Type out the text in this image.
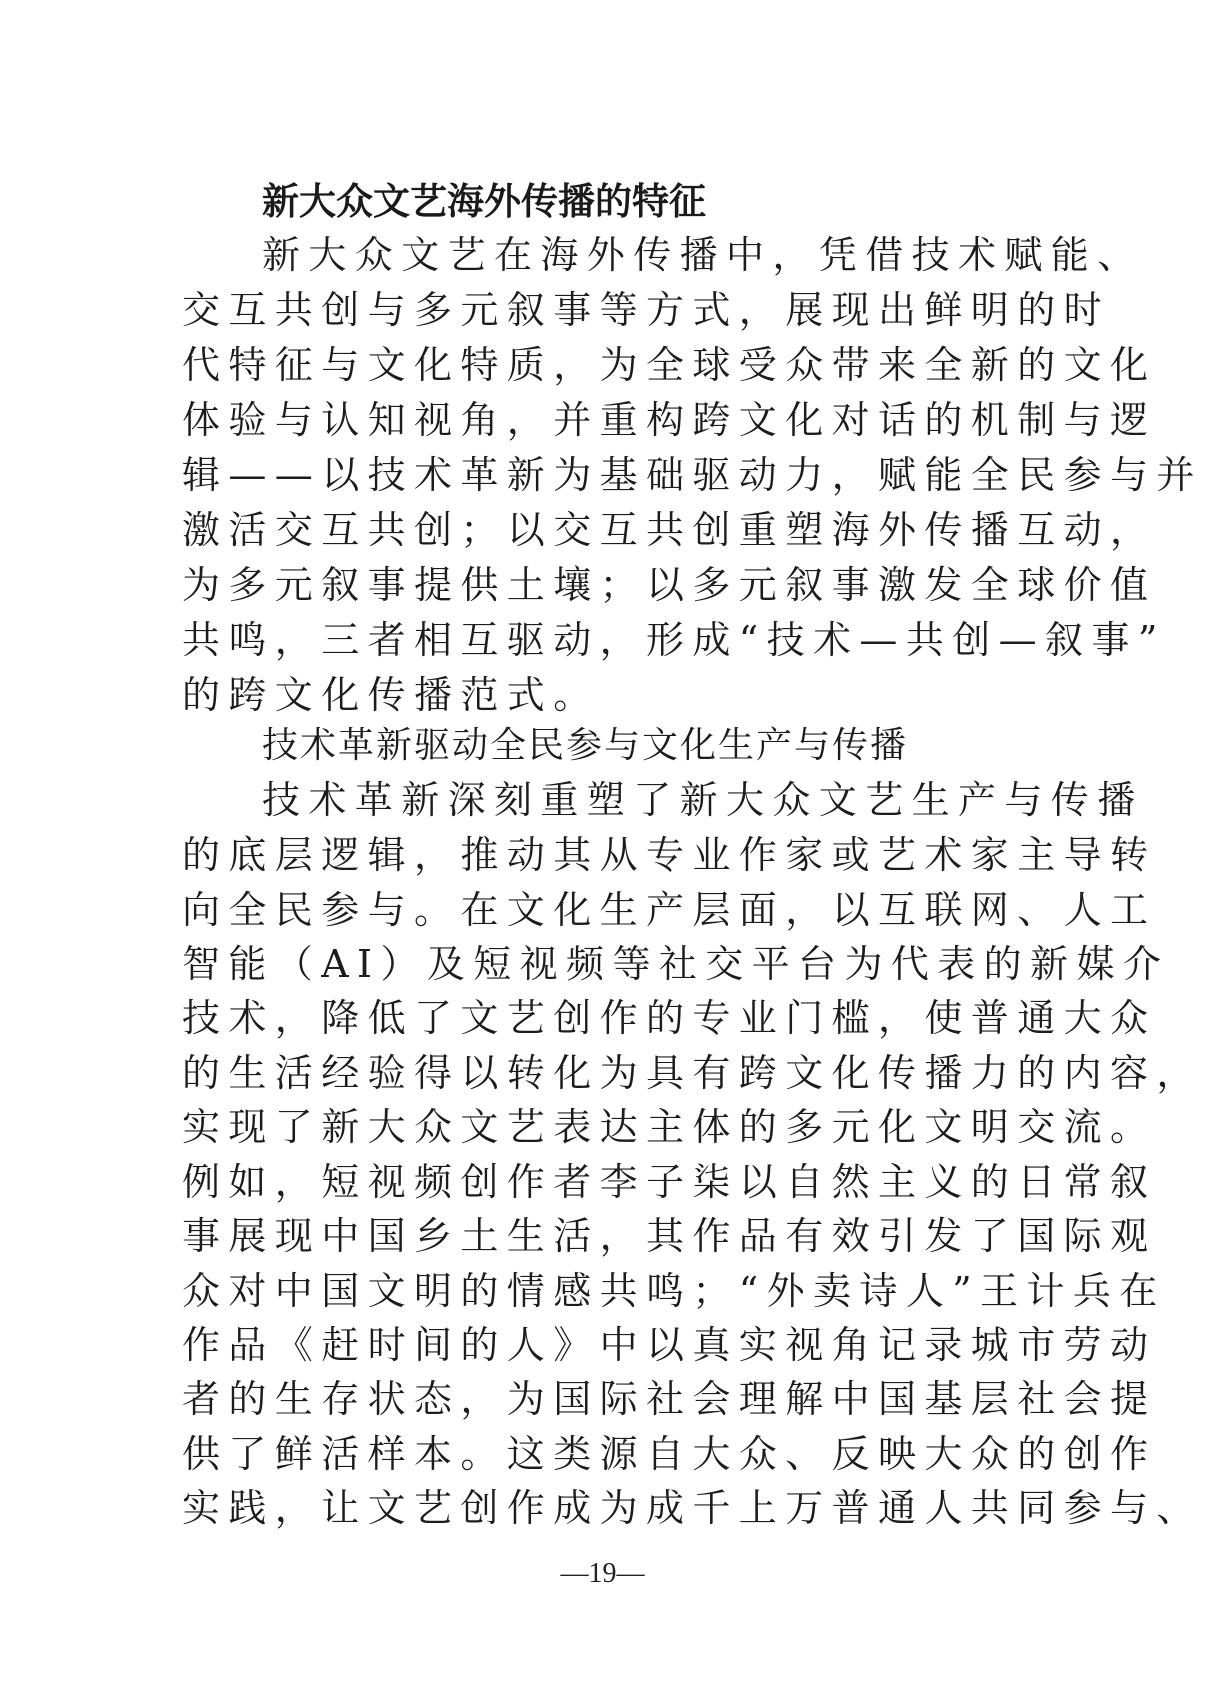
新大众文艺海外传播的特征
新大众文艺在海外传播中，凭借技术赋能、
交互共创与多元叙事等方式，展现出鲜明的时
代特征与文化特质，为全球受众带来全新的文化
体验与认知视角，并重构跨文化对话的机制与逻
辑——以技术革新为基础驱动力，赋能全民参与并
激活交互共创；以交互共创重塑海外传播互动，
为多元叙事提供土壤；以多元叙事激发全球价值
共鸣，三者相互驱动，形成“技术—共创—叙事”
的跨文化传播范式。
技术革新驱动全民参与文化生产与传播
技术革新深刻重塑了新大众文艺生产与传播
的底层逻辑，推动其从专业作家或艺术家主导转
向全民参与。在文化生产层面，以互联网、人工
智能（AI）及短视频等社交平台为代表的新媒介
技术，降低了文艺创作的专业门槛，使普通大众
的生活经验得以转化为具有跨文化传播力的内容，
实现了新大众文艺表达主体的多元化文明交流。
例如，短视频创作者李子柒以自然主义的日常叙
事展现中国乡土生活，其作品有效引发了国际观
众对中国文明的情感共鸣；“外卖诗人”王计兵在
作品《赶时间的人》中以真实视角记录城市劳动
者的生存状态，为国际社会理解中国基层社会提
供了鲜活样本。这类源自大众、反映大众的创作
实践，让文艺创作成为成千上万普通人共同参与、
—19—
